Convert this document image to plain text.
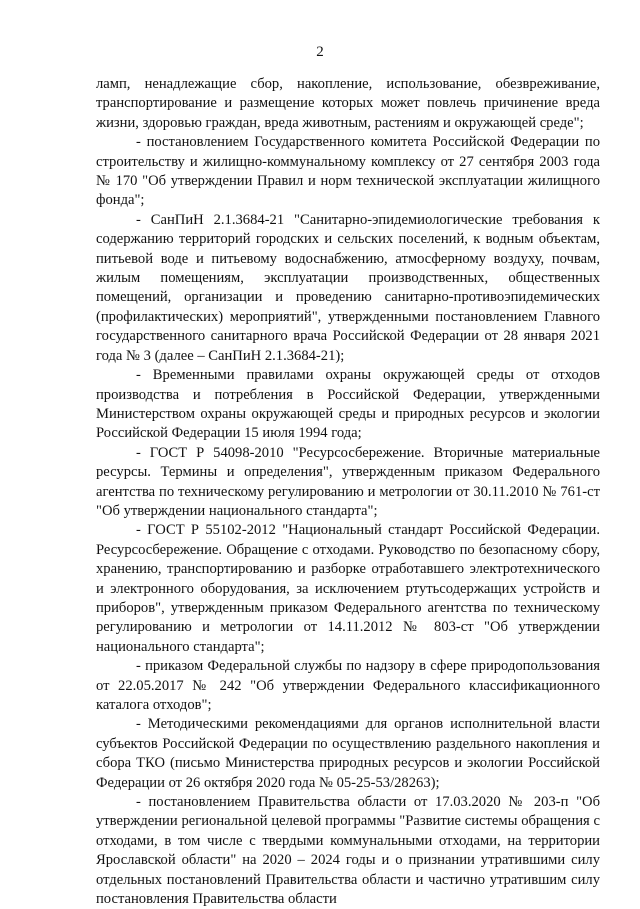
2

ламп, ненадлежащие сбор, накопление, использование, обезвреживание, транспортирование и размещение которых может повлечь причинение вреда жизни, здоровью граждан, вреда животным, растениям и окружающей среде";

- постановлением Государственного комитета Российской Федерации по строительству и жилищно-коммунальному комплексу от 27 сентября 2003 года № 170 "Об утверждении Правил и норм технической эксплуатации жилищного фонда";

- СанПиН 2.1.3684-21 "Санитарно-эпидемиологические требования к содержанию территорий городских и сельских поселений, к водным объектам, питьевой воде и питьевому водоснабжению, атмосферному воздуху, почвам, жилым помещениям, эксплуатации производственных, общественных помещений, организации и проведению санитарно-противоэпидемических (профилактических) мероприятий", утвержденными постановлением Главного государственного санитарного врача Российской Федерации от 28 января 2021 года № 3 (далее – СанПиН 2.1.3684-21);

- Временными правилами охраны окружающей среды от отходов производства и потребления в Российской Федерации, утвержденными Министерством охраны окружающей среды и природных ресурсов и экологии Российской Федерации 15 июля 1994 года;

- ГОСТ Р 54098-2010 "Ресурсосбережение. Вторичные материальные ресурсы. Термины и определения", утвержденным приказом Федерального агентства по техническому регулированию и метрологии от 30.11.2010 № 761-ст "Об утверждении национального стандарта";

- ГОСТ Р 55102-2012 "Национальный стандарт Российской Федерации. Ресурсосбережение. Обращение с отходами. Руководство по безопасному сбору, хранению, транспортированию и разборке отработавшего электротехнического и электронного оборудования, за исключением ртутьсодержащих устройств и приборов", утвержденным приказом Федерального агентства по техническому регулированию и метрологии от 14.11.2012 № 803-ст "Об утверждении национального стандарта";

- приказом Федеральной службы по надзору в сфере природопользования от 22.05.2017 № 242 "Об утверждении Федерального классификационного каталога отходов";

- Методическими рекомендациями для органов исполнительной власти субъектов Российской Федерации по осуществлению раздельного накопления и сбора ТКО (письмо Министерства природных ресурсов и экологии Российской Федерации от 26 октября 2020 года № 05-25-53/28263);

- постановлением Правительства области от 17.03.2020 № 203-п "Об утверждении региональной целевой программы "Развитие системы обращения с отходами, в том числе с твердыми коммунальными отходами, на территории Ярославской области" на 2020 – 2024 годы и о признании утратившими силу отдельных постановлений Правительства области и частично утратившим силу постановления Правительства области
